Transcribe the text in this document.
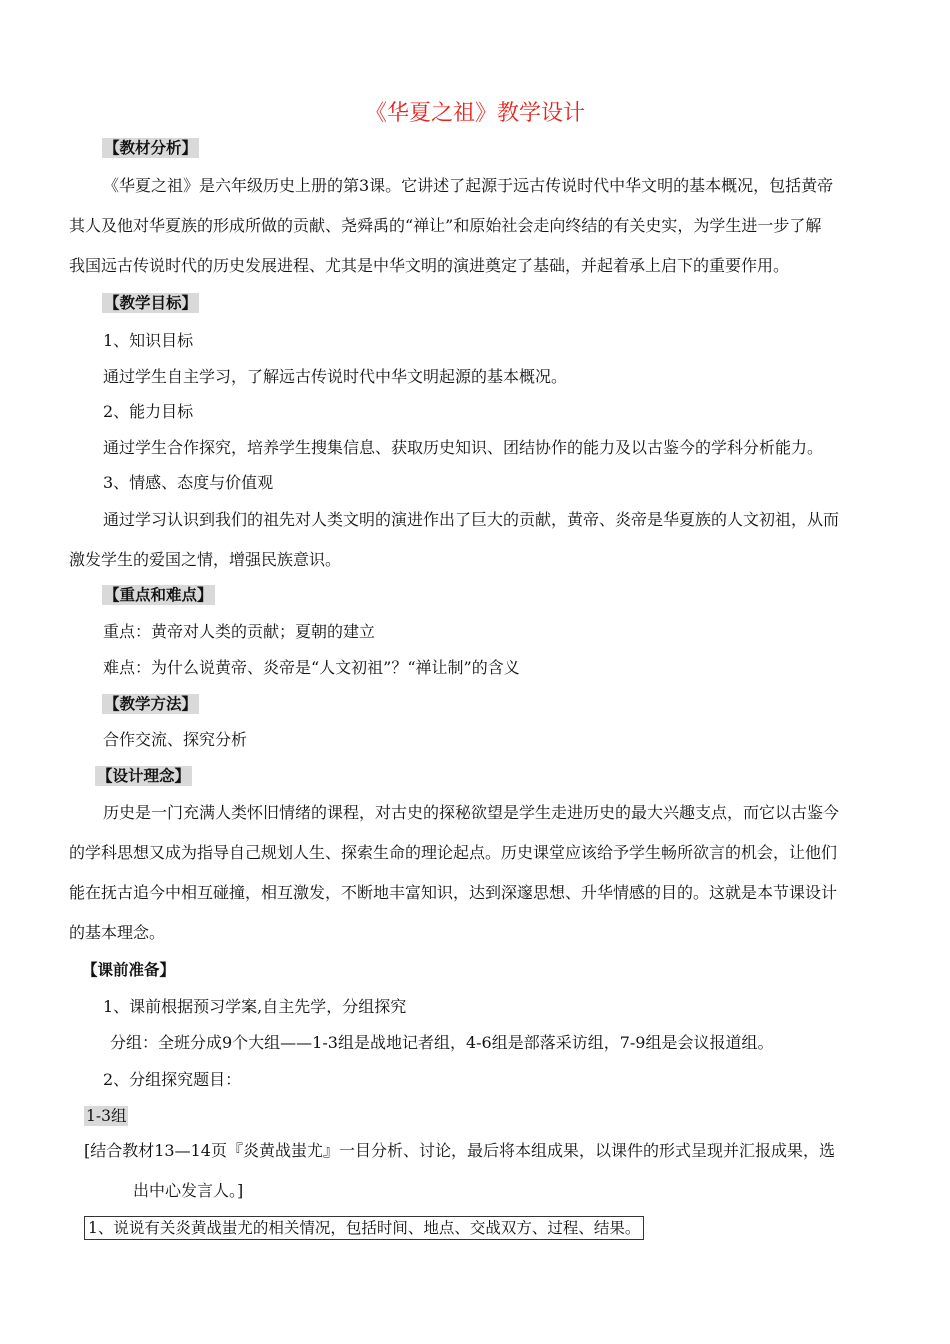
《华夏之祖》教学设计
【教材分析】
《华夏之祖》是六年级历史上册的第3课。它讲述了起源于远古传说时代中华文明的基本概况，包括黄帝
其人及他对华夏族的形成所做的贡献、尧舜禹的“禅让”和原始社会走向终结的有关史实，为学生进一步了解
我国远古传说时代的历史发展进程、尤其是中华文明的演进奠定了基础，并起着承上启下的重要作用。
【教学目标】
1、知识目标
通过学生自主学习，了解远古传说时代中华文明起源的基本概况。
2、能力目标
通过学生合作探究，培养学生搜集信息、获取历史知识、团结协作的能力及以古鉴今的学科分析能力。
3、情感、态度与价值观
通过学习认识到我们的祖先对人类文明的演进作出了巨大的贡献，黄帝、炎帝是华夏族的人文初祖，从而
激发学生的爱国之情，增强民族意识。
【重点和难点】
重点：黄帝对人类的贡献；夏朝的建立
难点：为什么说黄帝、炎帝是“人文初祖”？“禅让制”的含义
【教学方法】
合作交流、探究分析
【设计理念】
历史是一门充满人类怀旧情绪的课程，对古史的探秘欲望是学生走进历史的最大兴趣支点，而它以古鉴今
的学科思想又成为指导自己规划人生、探索生命的理论起点。历史课堂应该给予学生畅所欲言的机会，让他们
能在抚古追今中相互碰撞，相互激发，不断地丰富知识，达到深邃思想、升华情感的目的。这就是本节课设计
的基本理念。
【课前准备】
1、课前根据预习学案,自主先学，分组探究
分组：全班分成9个大组——1-3组是战地记者组，4-6组是部落采访组，7-9组是会议报道组。
2、分组探究题目：
1-3组
[结合教材13—14页『炎黄战蚩尤』一目分析、讨论，最后将本组成果，以课件的形式呈现并汇报成果，选
出中心发言人。]
1、说说有关炎黄战蚩尤的相关情况，包括时间、地点、交战双方、过程、结果。
